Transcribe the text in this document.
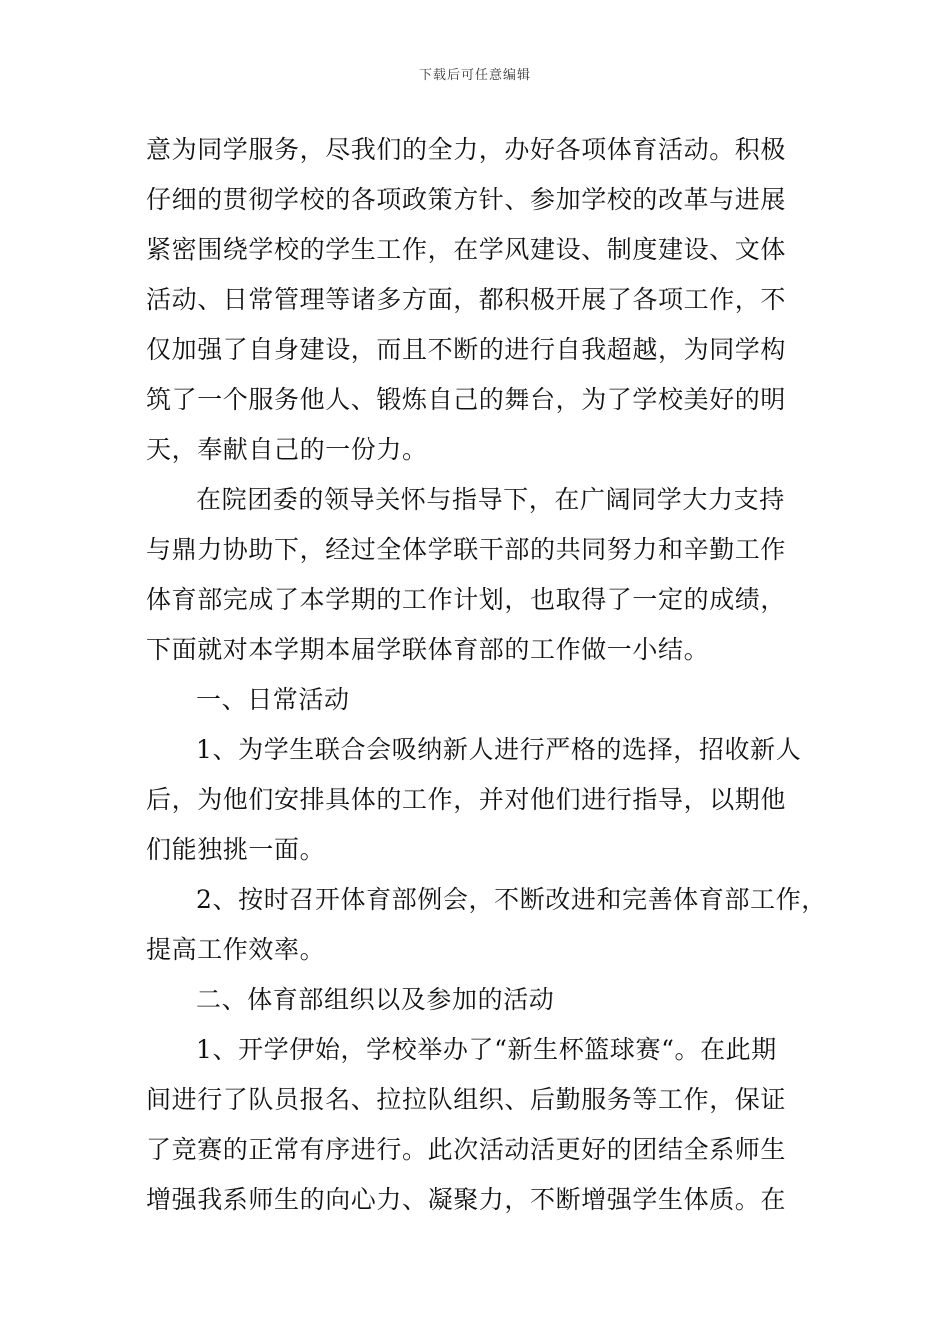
下载后可任意编辑
意为同学服务，尽我们的全力，办好各项体育活动。积极
仔细的贯彻学校的各项政策方针、参加学校的改革与进展
紧密围绕学校的学生工作，在学风建设、制度建设、文体
活动、日常管理等诸多方面，都积极开展了各项工作，不
仅加强了自身建设，而且不断的进行自我超越，为同学构
筑了一个服务他人、锻炼自己的舞台，为了学校美好的明
天，奉献自己的一份力。
在院团委的领导关怀与指导下，在广阔同学大力支持
与鼎力协助下，经过全体学联干部的共同努力和辛勤工作
体育部完成了本学期的工作计划，也取得了一定的成绩，
下面就对本学期本届学联体育部的工作做一小结。
一、日常活动
1、为学生联合会吸纳新人进行严格的选择，招收新人
后，为他们安排具体的工作，并对他们进行指导，以期他
们能独挑一面。
2、按时召开体育部例会，不断改进和完善体育部工作，
提高工作效率。
二、体育部组织以及参加的活动
1、开学伊始，学校举办了“新生杯篮球赛“。在此期
间进行了队员报名、拉拉队组织、后勤服务等工作，保证
了竞赛的正常有序进行。此次活动活更好的团结全系师生
增强我系师生的向心力、凝聚力，不断增强学生体质。在
